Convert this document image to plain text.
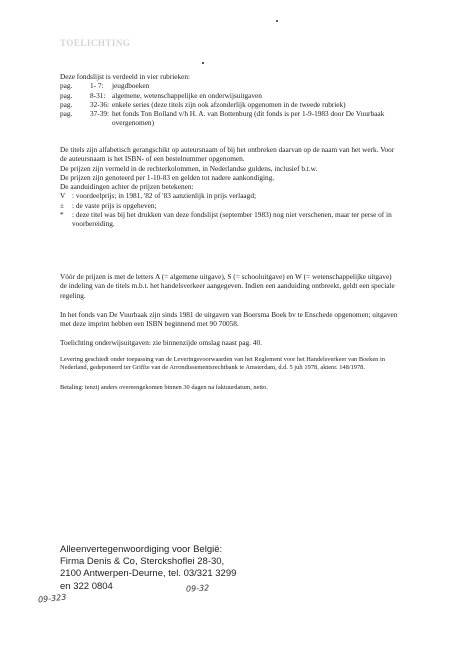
TOELICHTING

Deze fondslijst is verdeeld in vier rubrieken:

pag.	1- 7:	jeugdboeken
pag.	8-31: algemene, wetenschappelijke en onderwijsuitgaven
pag.	32-36: enkele series (deze titels zijn ook afzonderlijk opgenomen in de tweede rubriek)
pag.	37-39: het fonds Ton Bolland v/h H. A. van Bottenburg (dit fonds is per 1-9-1983 door De Vuurbaak overgenomen)

De titels zijn alfabetisch gerangschikt op auteursnaam of bij het ontbreken daarvan op de naam van het werk. Voor de auteursnaam is het ISBN- of een bestelnummer opgenomen.

De prijzen zijn vermeld in de rechterkolommen, in Nederlandse guldens, inclusief b.t.w.

De prijzen zijn genoteerd per 1-10-83 en gelden tot nadere aankondiging.

De aanduidingen achter de prijzen betekenen:

V : voordeelprijs; in 1981, '82 of '83 aanzienlijk in prijs verlaagd;
±	: de vaste prijs is opgeheven;
*	: deze titel was bij het drukken van deze fondslijst (september 1983) nog niet verschenen, maar ter perse of in voorbereiding.
Vóór de prijzen is met de letters A (= algemene uitgave), S (= schooluitgave) en W (= wetenschappelijke uitgave) de indeling van de titels m.b.t. het handelsverkeer aangegeven. Indien een aanduiding ontbreekt, geldt een speciale regeling.
In het fonds van De Vuurbaak zijn sinds 1981 de uitgaven van Boersma Boek bv te Enschede opgenomen; uitgaven met deze imprint hebben een ISBN beginnend met 90 70058.
Toelichting onderwijsuitgaven: zie binnenzijde omslag naast pag. 40.
Levering geschiedt onder toepassing van de Leveringsvoorwaarden van het Reglement voor het Handelsverkeer van Boeken in Nederland, gedeponeerd ter Griffie van de Arrondissementsrechtbank te Amsterdam, d.d. 5 juli 1978, aktenr. 148/1978.
Betaling: tenzij anders overeengekomen binnen 30 dagen na faktuurdatum, netto.
Alleenvertegenwoordiging voor België:
Firma Denis & Co, Sterckshoflei 28-30,
2100 Antwerpen-Deurne, tel. 03/321 3299
en 322 0804	09-32
09-323
